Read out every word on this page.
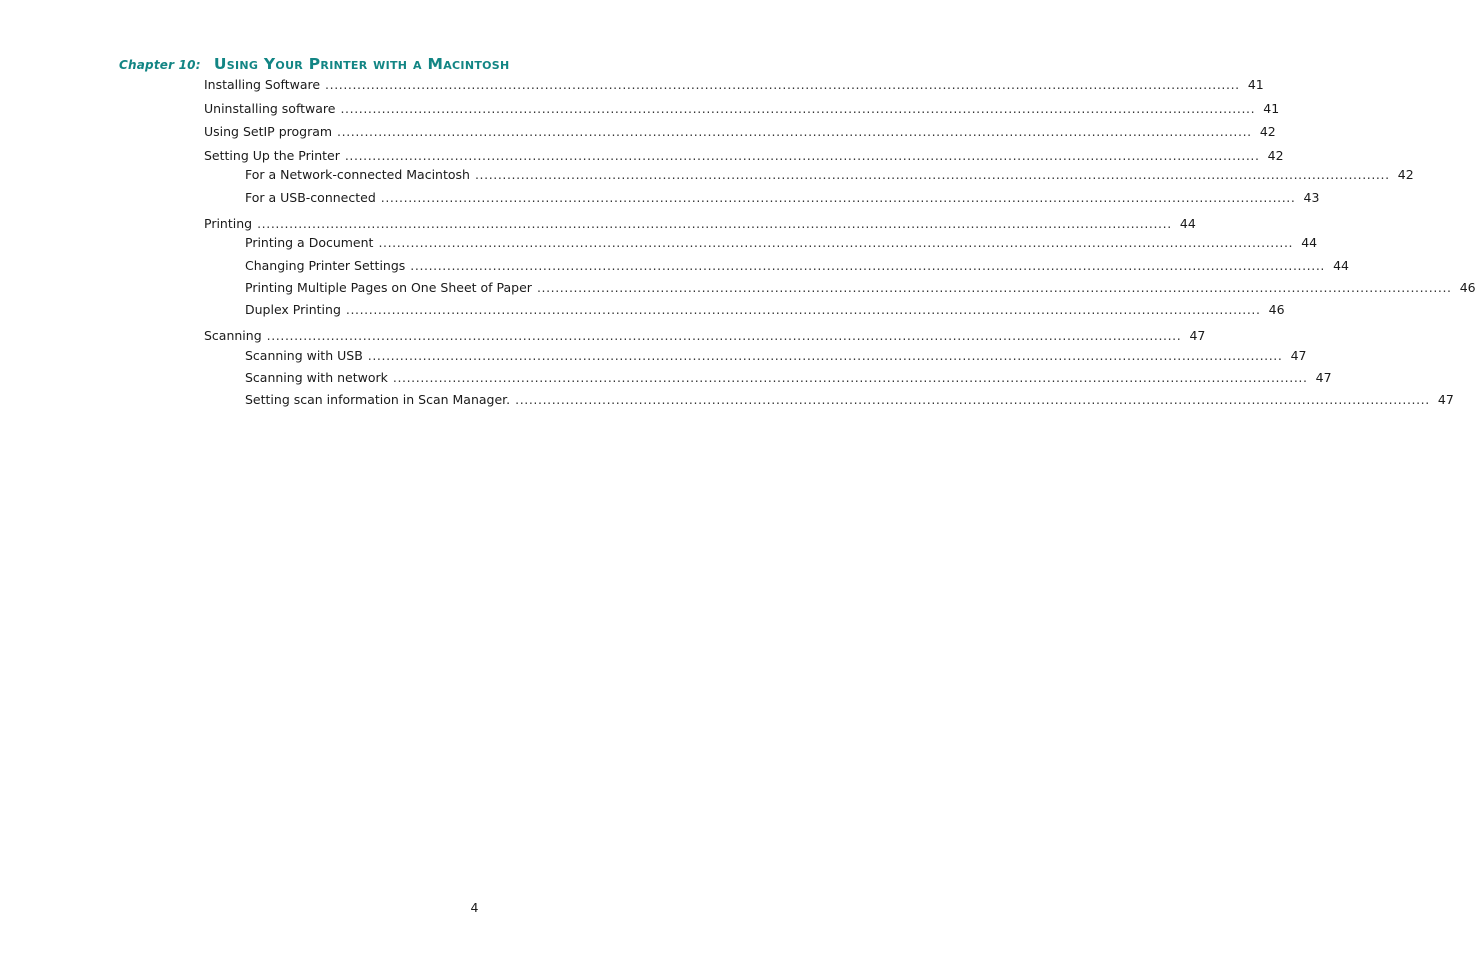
Chapter 10: Using Your Printer with a Macintosh
Installing Software ........................................................................................................................................................................................................ 41
Uninstalling software ........................................................................................................................................................................................................ 41
Using SetIP program ........................................................................................................................................................................................................ 42
Setting Up the Printer ........................................................................................................................................................................................................ 42
For a Network-connected Macintosh ........................................................................................................................................................................................................ 42
For a USB-connected ........................................................................................................................................................................................................ 43
Printing ........................................................................................................................................................................................................ 44
Printing a Document ........................................................................................................................................................................................................ 44
Changing Printer Settings ........................................................................................................................................................................................................ 44
Printing Multiple Pages on One Sheet of Paper ........................................................................................................................................................................................................ 46
Duplex Printing ........................................................................................................................................................................................................ 46
Scanning ........................................................................................................................................................................................................ 47
Scanning with USB ........................................................................................................................................................................................................ 47
Scanning with network ........................................................................................................................................................................................................ 47
Setting scan information in Scan Manager. ........................................................................................................................................................................................................ 47
4
